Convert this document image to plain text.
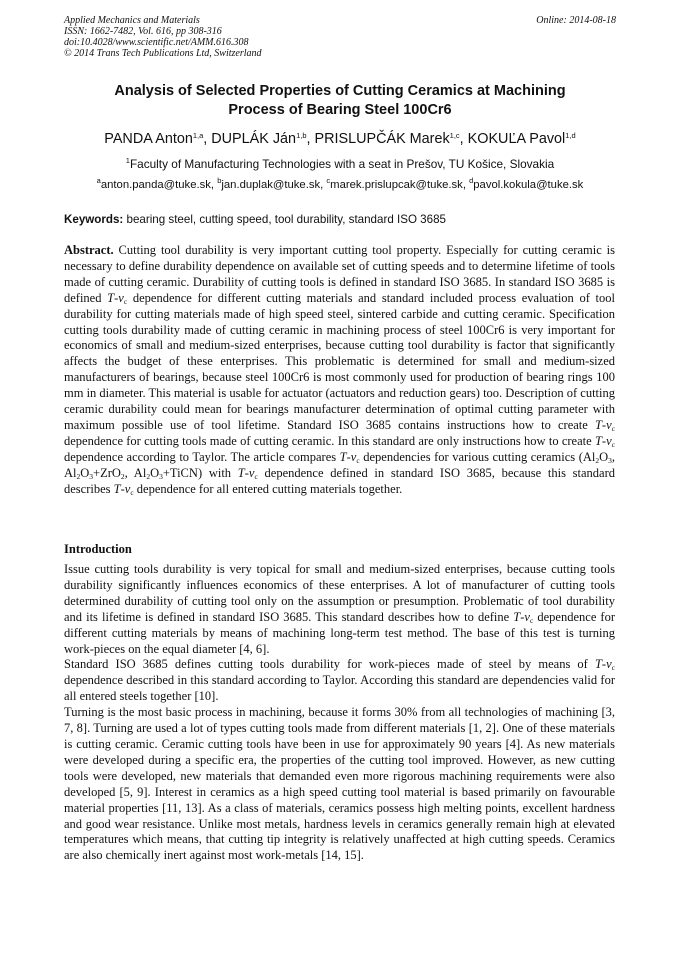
Applied Mechanics and Materials	Online: 2014-08-18
ISSN: 1662-7482, Vol. 616, pp 308-316
doi:10.4028/www.scientific.net/AMM.616.308
© 2014 Trans Tech Publications Ltd, Switzerland
Analysis of Selected Properties of Cutting Ceramics at Machining
Process of Bearing Steel 100Cr6
PANDA Anton$^{1,a}$, DUPLÁK Ján$^{1,b}$, PRISLUPČÁK Marek$^{1,c}$, KOKUĽA Pavol$^{1,d}$
$^1$Faculty of Manufacturing Technologies with a seat in Prešov, TU Košice, Slovakia
$^a$anton.panda@tuke.sk, $^b$jan.duplak@tuke.sk, $^c$marek.prislupcak@tuke.sk, $^d$pavol.kokula@tuke.sk
Keywords: bearing steel, cutting speed, tool durability, standard ISO 3685

Abstract. Cutting tool durability is very important cutting tool property. Especially for cutting ceramic is necessary to define durability dependence on available set of cutting speeds and to determine lifetime of tools made of cutting ceramic. Durability of cutting tools is defined in standard ISO 3685. In standard ISO 3685 is defined $T-v_c$ dependence for different cutting materials and standard included process evaluation of tool durability for cutting materials made of high speed steel, sintered carbide and cutting ceramic. Specification cutting tools durability made of cutting ceramic in machining process of steel 100Cr6 is very important for economics of small and medium-sized enterprises, because cutting tool durability is factor that significantly affects the budget of these enterprises. This problematic is determined for small and medium-sized manufacturers of bearings, because steel 100Cr6 is most commonly used for production of bearing rings 100 mm in diameter. This material is usable for actuator (actuators and reduction gears) too. Description of cutting ceramic durability could mean for bearings manufacturer determination of optimal cutting parameter with maximum possible use of tool lifetime. Standard ISO 3685 contains instructions how to create $T-v_c$ dependence for cutting tools made of cutting ceramic. In this standard are only instructions how to create $T-v_c$ dependence according to Taylor. The article compares $T-v_c$ dependencies for various cutting ceramics ($Al_2O_3$, $Al_2O_3+ZrO_2$, $Al_2O_3+TiCN$) with $T-v_c$ dependence defined in standard ISO 3685, because this standard describes $T-v_c$ dependence for all entered cutting materials together.

Introduction

Issue cutting tools durability is very topical for small and medium-sized enterprises, because cutting tools durability significantly influences economics of these enterprises. A lot of manufacturer of cutting tools determined durability of cutting tool only on the assumption or presumption. Problematic of tool durability and its lifetime is defined in standard ISO 3685. This standard describes how to define $T-v_c$ dependence for different cutting materials by means of machining long-term test method. The base of this test is turning work-pieces on the equal diameter [4, 6].

Standard ISO 3685 defines cutting tools durability for work-pieces made of steel by means of $T-v_c$ dependence described in this standard according to Taylor. According this standard are dependencies valid for all entered steels together [10].

Turning is the most basic process in machining, because it forms 30% from all technologies of machining [3, 7, 8]. Turning are used a lot of types cutting tools made from different materials [1, 2]. One of these materials is cutting ceramic. Ceramic cutting tools have been in use for approximately 90 years [4]. As new materials were developed during a specific era, the properties of the cutting tool improved. However, as new cutting tools were developed, new materials that demanded even more rigorous machining requirements were also developed [5, 9]. Interest in ceramics as a high speed cutting tool material is based primarily on favourable material properties [11, 13]. As a class of materials, ceramics possess high melting points, excellent hardness and good wear resistance. Unlike most metals, hardness levels in ceramics generally remain high at elevated temperatures which means, that cutting tip integrity is relatively unaffected at high cutting speeds. Ceramics are also chemically inert against most work-metals [14, 15].
